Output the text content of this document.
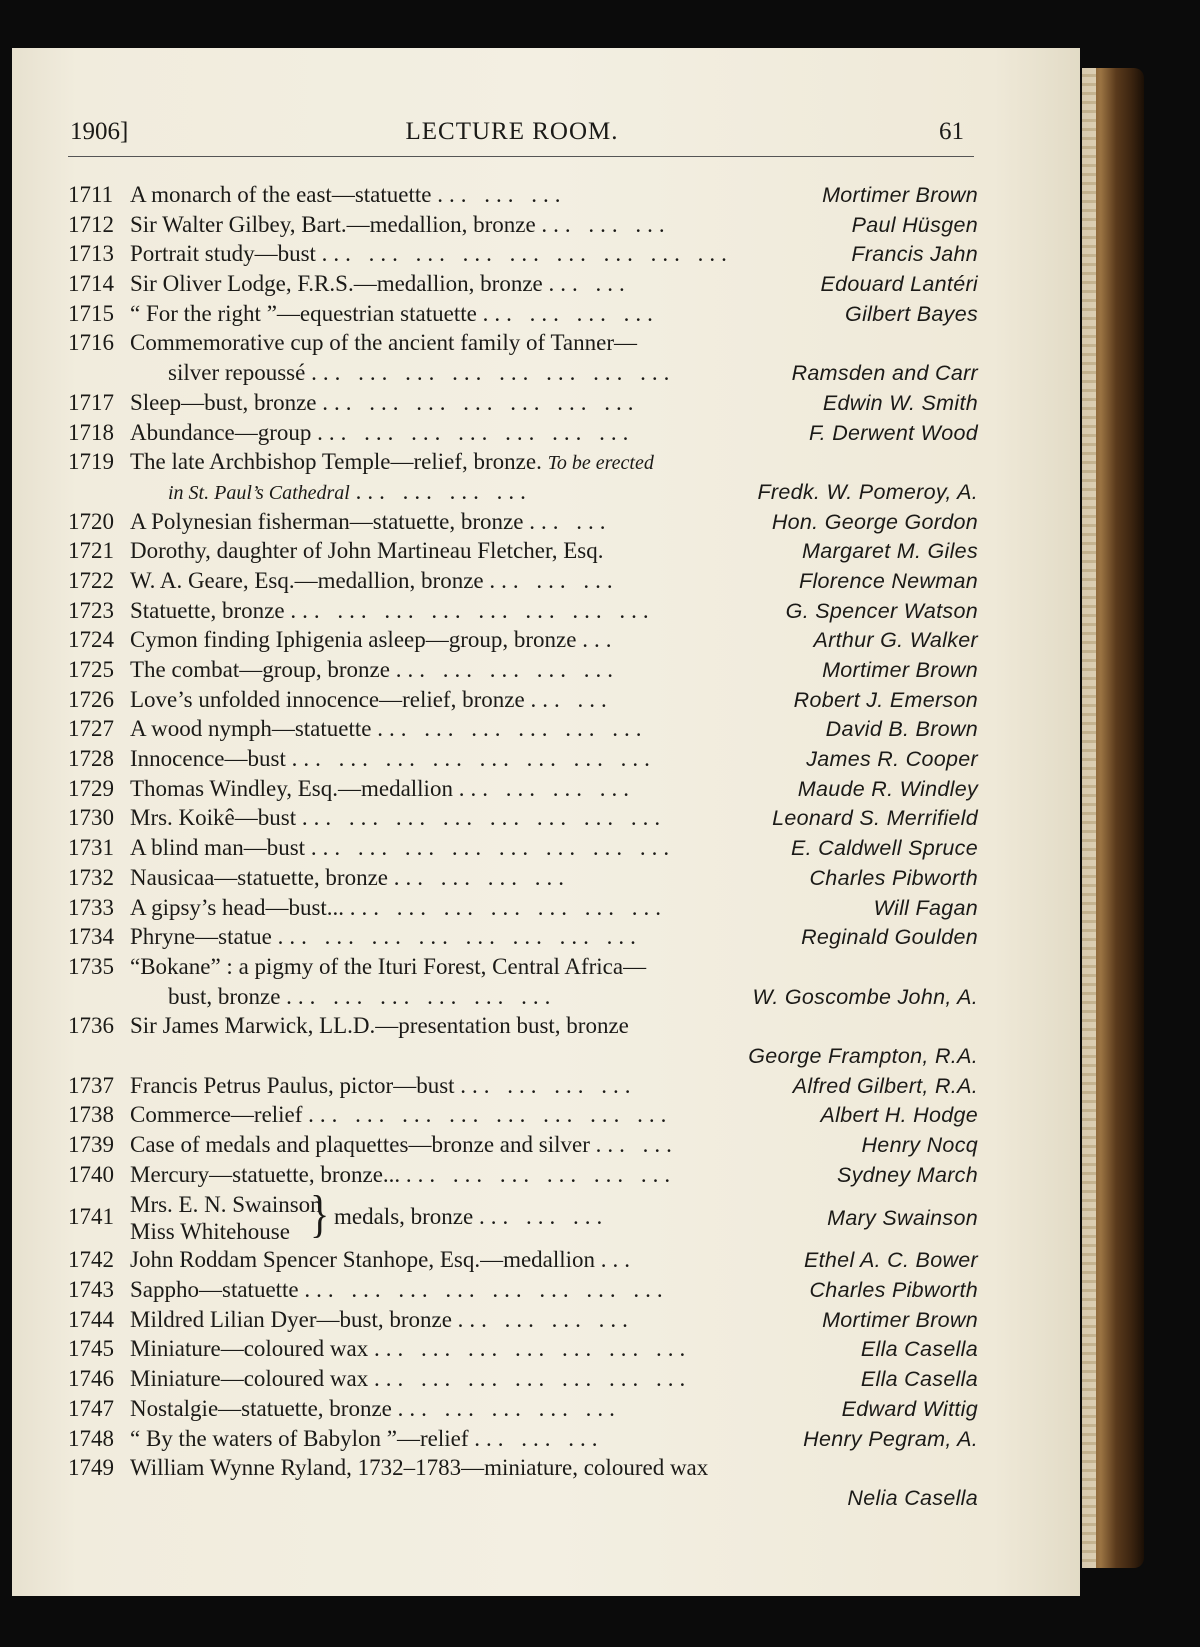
LECTURE ROOM.
1906]	61
1711 A monarch of the east—statuette ... ... ...	Mortimer Brown
1712 Sir Walter Gilbey, Bart.—medallion, bronze ... ... ...	Paul Hüsgen
1713 Portrait study—bust ... ... ... ... ... ... ... ... ...	Francis Jahn
1714 Sir Oliver Lodge, F.R.S.—medallion, bronze ... ...	Edouard Lantéri
1715 “ For the right ”—equestrian statuette ... ... ... ...	Gilbert Bayes
1716 Commemorative cup of the ancient family of Tanner—
silver repoussé ... ... ... ... ... ... ... ...	Ramsden and Carr
1717 Sleep—bust, bronze ... ... ... ... ... ... ...	Edwin W. Smith
1718 Abundance—group ... ... ... ... ... ... ...	F. Derwent Wood
1719 The late Archbishop Temple—relief, bronze. To be erected
in St. Paul’s Cathedral ... ... ... ...	Fredk. W. Pomeroy, A.
1720 A Polynesian fisherman—statuette, bronze ... ...	Hon. George Gordon
1721 Dorothy, daughter of John Martineau Fletcher, Esq.	Margaret M. Giles
1722 W. A. Geare, Esq.—medallion, bronze ... ... ...	Florence Newman
1723 Statuette, bronze ... ... ... ... ... ... ... ...	G. Spencer Watson
1724 Cymon finding Iphigenia asleep—group, bronze ...	Arthur G. Walker
1725 The combat—group, bronze ... ... ... ... ...	Mortimer Brown
1726 Love’s unfolded innocence—relief, bronze ... ...	Robert J. Emerson
1727 A wood nymph—statuette ... ... ... ... ... ...	David B. Brown
1728 Innocence—bust ... ... ... ... ... ... ... ...	James R. Cooper
1729 Thomas Windley, Esq.—medallion ... ... ... ...	Maude R. Windley
1730 Mrs. Koikê—bust ... ... ... ... ... ... ... ...	Leonard S. Merrifield
1731 A blind man—bust ... ... ... ... ... ... ... ...	E. Caldwell Spruce
1732 Nausicaa—statuette, bronze ... ... ... ...	Charles Pibworth
1733 A gipsy’s head—bust... ... ... ... ... ... ... ...	Will Fagan
1734 Phryne—statue ... ... ... ... ... ... ... ...	Reginald Goulden
1735 “Bokane” : a pigmy of the Ituri Forest, Central Africa—
bust, bronze ... ... ... ... ... ...	W. Goscombe John, A.
1736 Sir James Marwick, LL.D.—presentation bust, bronze
George Frampton, R.A.
1737 Francis Petrus Paulus, pictor—bust ... ... ... ...	Alfred Gilbert, R.A.
1738 Commerce—relief ... ... ... ... ... ... ... ...	Albert H. Hodge
1739 Case of medals and plaquettes—bronze and silver ... ...	Henry Nocq
1740 Mercury—statuette, bronze... ... ... ... ... ... ...	Sydney March
1741 Mrs. E. N. Swainson
Miss Whitehouse } medals, bronze ... ... ...	Mary Swainson
1742 John Roddam Spencer Stanhope, Esq.—medallion ...	Ethel A. C. Bower
1743 Sappho—statuette ... ... ... ... ... ... ... ...	Charles Pibworth
1744 Mildred Lilian Dyer—bust, bronze ... ... ... ...	Mortimer Brown
1745 Miniature—coloured wax ... ... ... ... ... ... ...	Ella Casella
1746 Miniature—coloured wax ... ... ... ... ... ... ...	Ella Casella
1747 Nostalgie—statuette, bronze ... ... ... ... ...	Edward Wittig
1748 “ By the waters of Babylon ”—relief ... ... ...	Henry Pegram, A.
1749 William Wynne Ryland, 1732–1783—miniature, coloured wax
Nelia Casella
